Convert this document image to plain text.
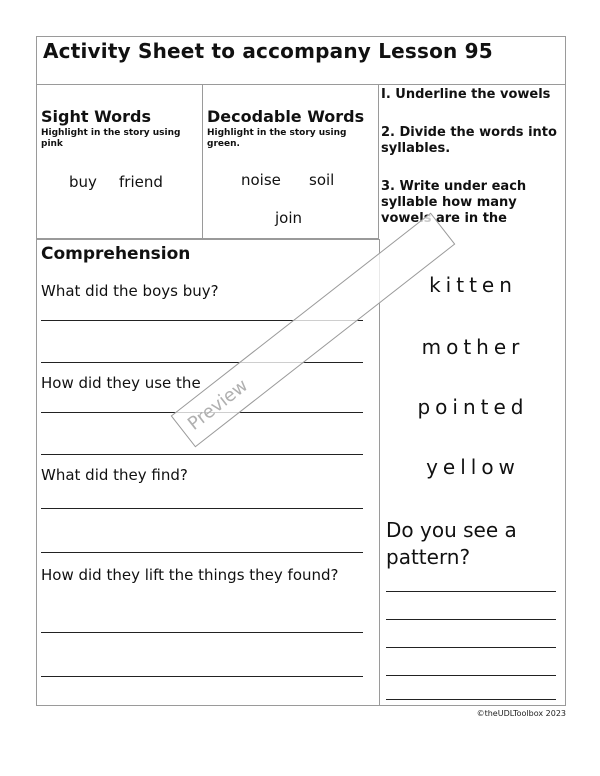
Activity Sheet to accompany Lesson 95
Sight Words
Highlight in the story using pink
buy friend
Decodable Words
Highlight in the story using green.
noise soil
join

I. Underline the vowels

2. Divide the words into syllables.

3. Write under each syllable how many vowels are in the

kitten
mother
pointed
yellow
Do you see a pattern?
Comprehension
What did the boys buy?
How did they use the
What did they find?
How did they lift the things they found?
Preview
©theUDLToolbox 2023
